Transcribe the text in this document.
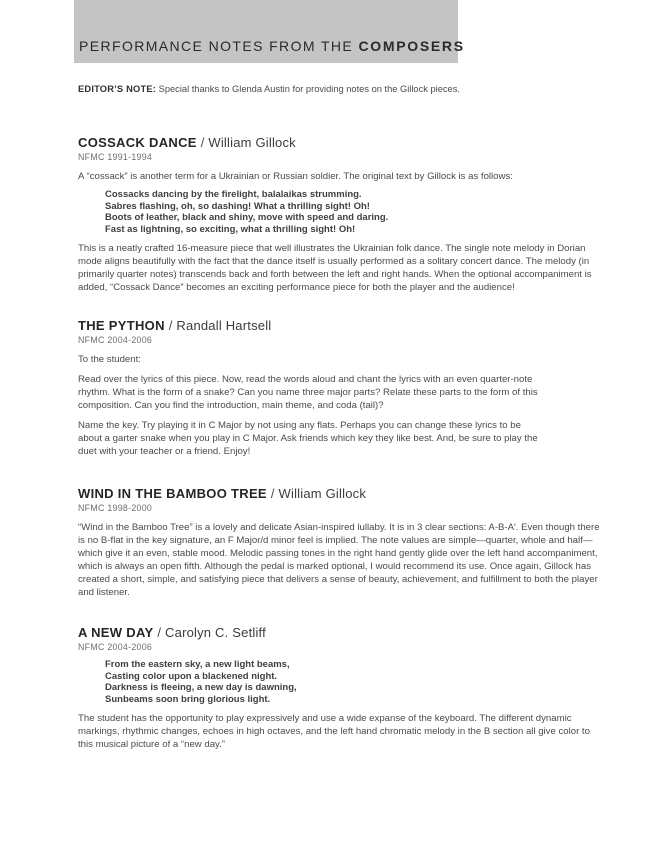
PERFORMANCE NOTES FROM THE COMPOSERS

EDITOR’S NOTE: Special thanks to Glenda Austin for providing notes on the Gillock pieces.

COSSACK DANCE / William Gillock

NFMC 1991-1994

A “cossack” is another term for a Ukrainian or Russian soldier. The original text by Gillock is as follows:

Cossacks dancing by the firelight, balalaikas strumming.
Sabres flashing, oh, so dashing! What a thrilling sight! Oh!
Boots of leather, black and shiny, move with speed and daring.
Fast as lightning, so exciting, what a thrilling sight! Oh!

This is a neatly crafted 16-measure piece that well illustrates the Ukrainian folk dance. The single note melody in Dorian mode aligns beautifully with the fact that the dance itself is usually performed as a solitary concert dance. The melody (in primarily quarter notes) transcends back and forth between the left and right hands. When the optional accompaniment is added, “Cossack Dance” becomes an exciting performance piece for both the player and the audience!

THE PYTHON / Randall Hartsell

NFMC 2004-2006

To the student:

Read over the lyrics of this piece. Now, read the words aloud and chant the lyrics with an even quarter-note rhythm. What is the form of a snake? Can you name three major parts? Relate these parts to the form of this composition. Can you find the introduction, main theme, and coda (tail)?

Name the key. Try playing it in C Major by not using any flats. Perhaps you can change these lyrics to be about a garter snake when you play in C Major. Ask friends which key they like best. And, be sure to play the duet with your teacher or a friend. Enjoy!

WIND IN THE BAMBOO TREE / William Gillock

NFMC 1998-2000

“Wind in the Bamboo Tree” is a lovely and delicate Asian-inspired lullaby. It is in 3 clear sections: A-B-A′. Even though there is no B-flat in the key signature, an F Major/d minor feel is implied. The note values are simple—quarter, whole and half—which give it an even, stable mood. Melodic passing tones in the right hand gently glide over the left hand accompaniment, which is always an open fifth. Although the pedal is marked optional, I would recommend its use. Once again, Gillock has created a short, simple, and satisfying piece that delivers a sense of beauty, achievement, and fulfillment to both the player and listener.

A NEW DAY / Carolyn C. Setliff

NFMC 2004-2006

From the eastern sky, a new light beams,
Casting color upon a blackened night.
Darkness is fleeing, a new day is dawning,
Sunbeams soon bring glorious light.

The student has the opportunity to play expressively and use a wide expanse of the keyboard. The different dynamic markings, rhythmic changes, echoes in high octaves, and the left hand chromatic melody in the B section all give color to this musical picture of a “new day.”
